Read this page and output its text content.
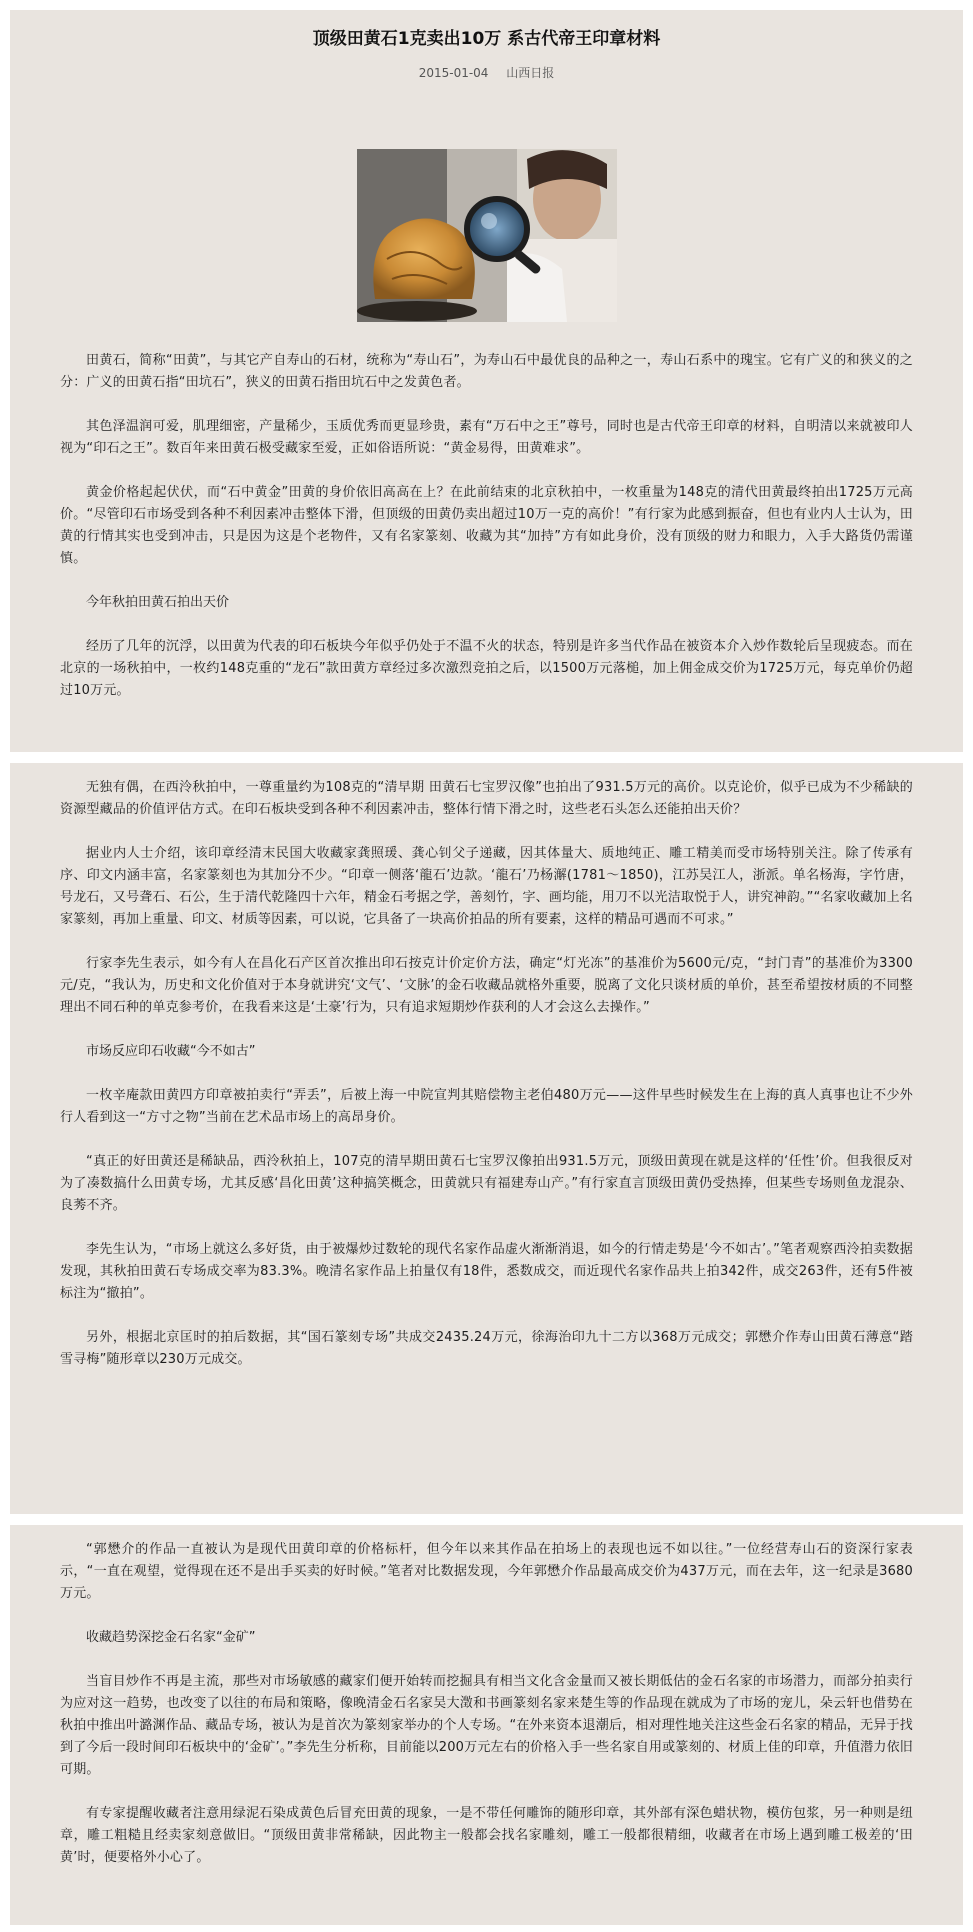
顶级田黄石1克卖出10万 系古代帝王印章材料
2015-01-04 山西日报

田黄石，简称“田黄”，与其它产自寿山的石材，统称为“寿山石”，为寿山石中最优良的品种之一，寿山石系中的瑰宝。它有广义的和狭义的之分：广义的田黄石指“田坑石”，狭义的田黄石指田坑石中之发黄色者。

其色泽温润可爱，肌理细密，产量稀少，玉质优秀而更显珍贵，素有“万石中之王”尊号，同时也是古代帝王印章的材料，自明清以来就被印人视为“印石之王”。数百年来田黄石极受藏家至爱，正如俗语所说：“黄金易得，田黄难求”。

黄金价格起起伏伏，而“石中黄金”田黄的身价依旧高高在上？在此前结束的北京秋拍中，一枚重量为148克的清代田黄最终拍出1725万元高价。“尽管印石市场受到各种不利因素冲击整体下滑，但顶级的田黄仍卖出超过10万一克的高价！”有行家为此感到振奋，但也有业内人士认为，田黄的行情其实也受到冲击，只是因为这是个老物件，又有名家篆刻、收藏为其“加持”方有如此身价，没有顶级的财力和眼力，入手大路货仍需谨慎。

今年秋拍田黄石拍出天价

经历了几年的沉浮，以田黄为代表的印石板块今年似乎仍处于不温不火的状态，特别是许多当代作品在被资本介入炒作数轮后呈现疲态。而在北京的一场秋拍中，一枚约148克重的“龙石”款田黄方章经过多次激烈竞拍之后，以1500万元落槌，加上佣金成交价为1725万元，每克单价仍超过10万元。

无独有偶，在西泠秋拍中，一尊重量约为108克的“清早期 田黄石七宝罗汉像”也拍出了931.5万元的高价。以克论价，似乎已成为不少稀缺的资源型藏品的价值评估方式。在印石板块受到各种不利因素冲击，整体行情下滑之时，这些老石头怎么还能拍出天价？

据业内人士介绍，该印章经清末民国大收藏家龚照瑗、龚心钊父子递藏，因其体量大、质地纯正、雕工精美而受市场特别关注。除了传承有序、印文内涵丰富，名家篆刻也为其加分不少。“印章一侧落‘龍石’边款。‘龍石’乃杨澥(1781～1850)，江苏吴江人，浙派。单名杨海，字竹唐，号龙石，又号聋石、石公，生于清代乾隆四十六年，精金石考据之学，善刻竹，字、画均能，用刀不以光洁取悦于人，讲究神韵。”“名家收藏加上名家篆刻，再加上重量、印文、材质等因素，可以说，它具备了一块高价拍品的所有要素，这样的精品可遇而不可求。”

行家李先生表示，如今有人在昌化石产区首次推出印石按克计价定价方法，确定“灯光冻”的基准价为5600元/克，“封门青”的基准价为3300元/克，“我认为，历史和文化价值对于本身就讲究‘文气’、‘文脉’的金石收藏品就格外重要，脱离了文化只谈材质的单价，甚至希望按材质的不同整理出不同石种的单克参考价，在我看来这是‘土豪’行为，只有追求短期炒作获利的人才会这么去操作。”

市场反应印石收藏“今不如古”

一枚辛庵款田黄四方印章被拍卖行“弄丢”，后被上海一中院宣判其赔偿物主老伯480万元——这件早些时候发生在上海的真人真事也让不少外行人看到这一“方寸之物”当前在艺术品市场上的高昂身价。

“真正的好田黄还是稀缺品，西泠秋拍上，107克的清早期田黄石七宝罗汉像拍出931.5万元，顶级田黄现在就是这样的‘任性’价。但我很反对为了凑数搞什么田黄专场，尤其反感‘昌化田黄’这种搞笑概念，田黄就只有福建寿山产。”有行家直言顶级田黄仍受热捧，但某些专场则鱼龙混杂、良莠不齐。

李先生认为，“市场上就这么多好货，由于被爆炒过数轮的现代名家作品虚火渐渐消退，如今的行情走势是‘今不如古’。”笔者观察西泠拍卖数据发现，其秋拍田黄石专场成交率为83.3%。晚清名家作品上拍量仅有18件，悉数成交，而近现代名家作品共上拍342件，成交263件，还有5件被标注为“撤拍”。

另外，根据北京匡时的拍后数据，其“国石篆刻专场”共成交2435.24万元，徐海治印九十二方以368万元成交；郭懋介作寿山田黄石薄意“踏雪寻梅”随形章以230万元成交。

“郭懋介的作品一直被认为是现代田黄印章的价格标杆，但今年以来其作品在拍场上的表现也远不如以往。”一位经营寿山石的资深行家表示，“一直在观望，觉得现在还不是出手买卖的好时候。”笔者对比数据发现，今年郭懋介作品最高成交价为437万元，而在去年，这一纪录是3680万元。

收藏趋势深挖金石名家“金矿”

当盲目炒作不再是主流，那些对市场敏感的藏家们便开始转而挖掘具有相当文化含金量而又被长期低估的金石名家的市场潜力，而部分拍卖行为应对这一趋势，也改变了以往的布局和策略，像晚清金石名家吴大澂和书画篆刻名家来楚生等的作品现在就成为了市场的宠儿，朵云轩也借势在秋拍中推出叶潞渊作品、藏品专场，被认为是首次为篆刻家举办的个人专场。“在外来资本退潮后，相对理性地关注这些金石名家的精品，无异于找到了今后一段时间印石板块中的‘金矿’。”李先生分析称，目前能以200万元左右的价格入手一些名家自用或篆刻的、材质上佳的印章，升值潜力依旧可期。

有专家提醒收藏者注意用绿泥石染成黄色后冒充田黄的现象，一是不带任何雕饰的随形印章，其外部有深色蜡状物，模仿包浆，另一种则是纽章，雕工粗糙且经卖家刻意做旧。“顶级田黄非常稀缺，因此物主一般都会找名家雕刻，雕工一般都很精细，收藏者在市场上遇到雕工极差的‘田黄’时，便要格外小心了。
